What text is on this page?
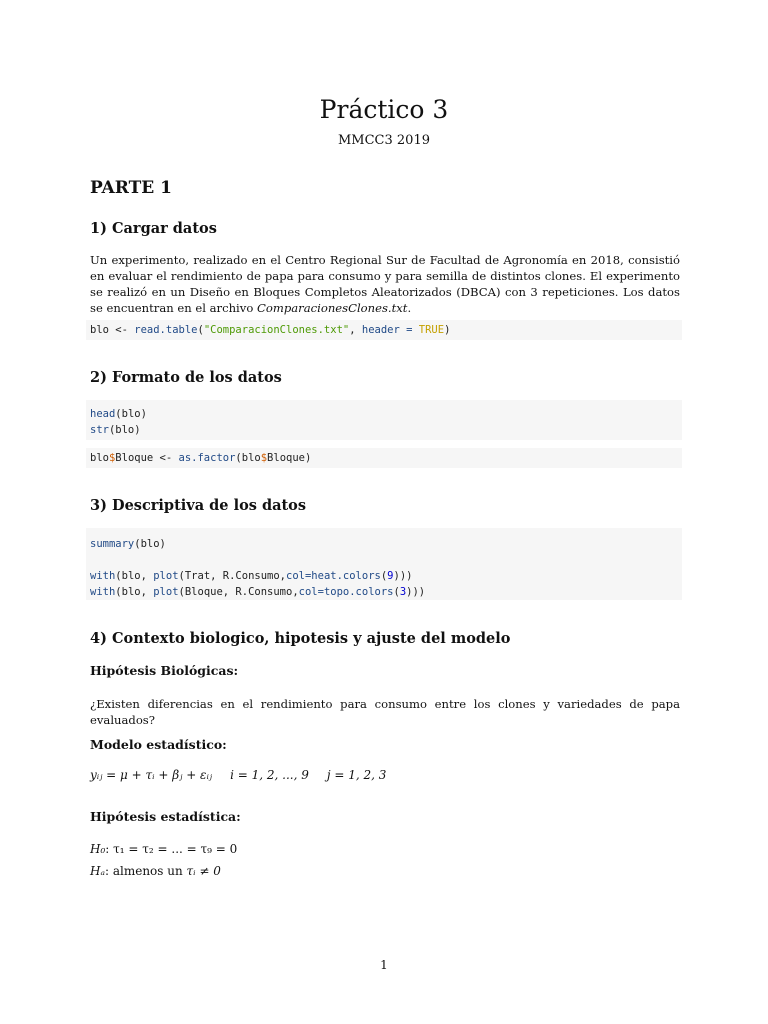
Práctico 3
MMCC3 2019
PARTE 1
1) Cargar datos
Un experimento, realizado en el Centro Regional Sur de Facultad de Agronomía en 2018, consistió en evaluar el rendimiento de papa para consumo y para semilla de distintos clones. El experimento se realizó en un Diseño en Bloques Completos Aleatorizados (DBCA) con 3 repeticiones. Los datos se encuentran en el archivo ComparacionesClones.txt.
blo <- read.table("ComparacionClones.txt", header = TRUE)
2) Formato de los datos
head(blo)
str(blo)
blo$Bloque <- as.factor(blo$Bloque)
3) Descriptiva de los datos
summary(blo)

with(blo, plot(Trat, R.Consumo,col=heat.colors(9)))
with(blo, plot(Bloque, R.Consumo,col=topo.colors(3)))
4) Contexto biologico, hipotesis y ajuste del modelo
Hipótesis Biológicas:
¿Existen diferencias en el rendimiento para consumo entre los clones y variedades de papa evaluados?
Modelo estadístico:
yᵢⱼ = μ + τᵢ + βⱼ + εᵢⱼ i = 1, 2, ..., 9 j = 1, 2, 3
Hipótesis estadística:
H₀: τ₁ = τ₂ = ... = τ₉ = 0
Hₐ: almenos un τᵢ ≠ 0
1
